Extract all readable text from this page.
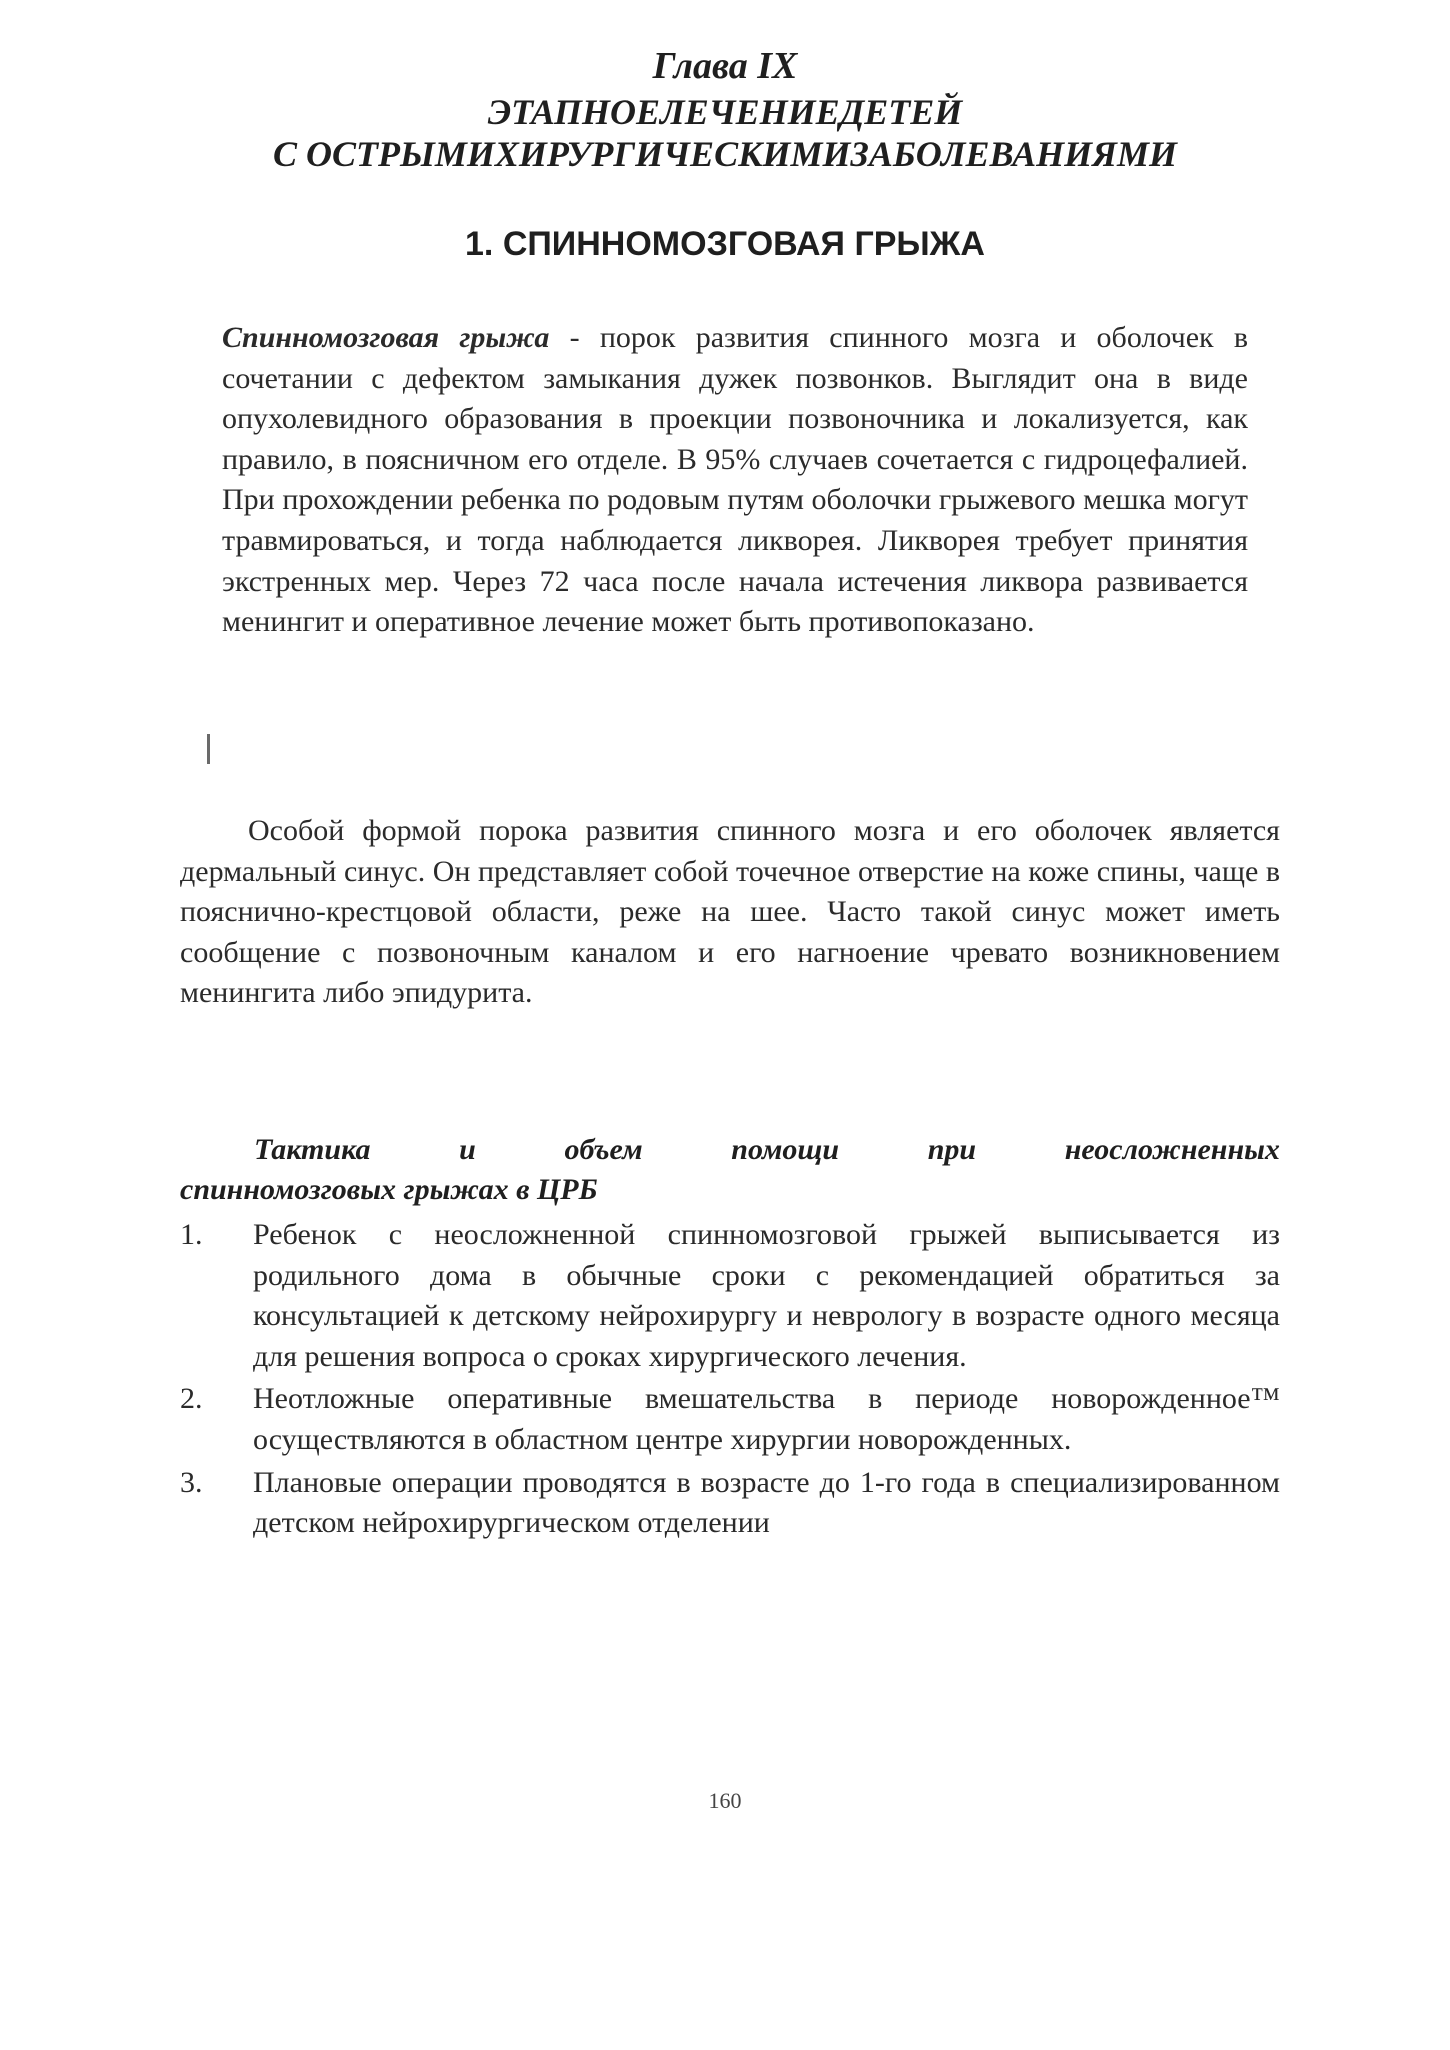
Глава IX

ЭТАПНОЕЛЕЧЕНИЕДЕТЕЙ

С ОСТРЫМИХИРУРГИЧЕСКИМИЗАБОЛЕВАНИЯМИ

1. СПИННОМОЗГОВАЯ ГРЫЖА

Спинномозговая грыжа - порок развития спинного мозга и оболочек в сочетании с дефектом замыкания дужек позвонков. Выглядит она в виде опухолевидного образования в проекции позвоночника и локализуется, как правило, в поясничном его отделе. В 95% случаев сочетается с гидроцефалией. При прохождении ребенка по родовым путям оболочки грыжевого мешка могут травмироваться, и тогда наблюдается ликворея. Ликворея требует принятия экстренных мер. Через 72 часа после начала истечения ликвора развивается менингит и оперативное лечение может быть противопоказано.

Особой формой порока развития спинного мозга и его оболочек является дермальный синус. Он представляет собой точечное отверстие на коже спины, чаще в пояснично-крестцовой области, реже на шее. Часто такой синус может иметь сообщение с позвоночным каналом и его нагноение чревато возникновением менингита либо эпидурита.

Тактика	и	объем	помощи	при	неосложненных
спинномозговых грыжах в ЦРБ

1.	Ребенок с неосложненной спинномозговой грыжей выписывается из родильного дома в обычные сроки с рекомендацией обратиться за консультацией к детскому нейрохирургу и неврологу в возрасте одного месяца для решения вопроса о сроках хирургического лечения.

2.	Неотложные оперативные вмешательства в периоде новорожденное™ осуществляются в областном центре хирургии новорожденных.

3.	Плановые операции проводятся в возрасте до 1-го года в специализированном детском нейрохирургическом отделении

160
